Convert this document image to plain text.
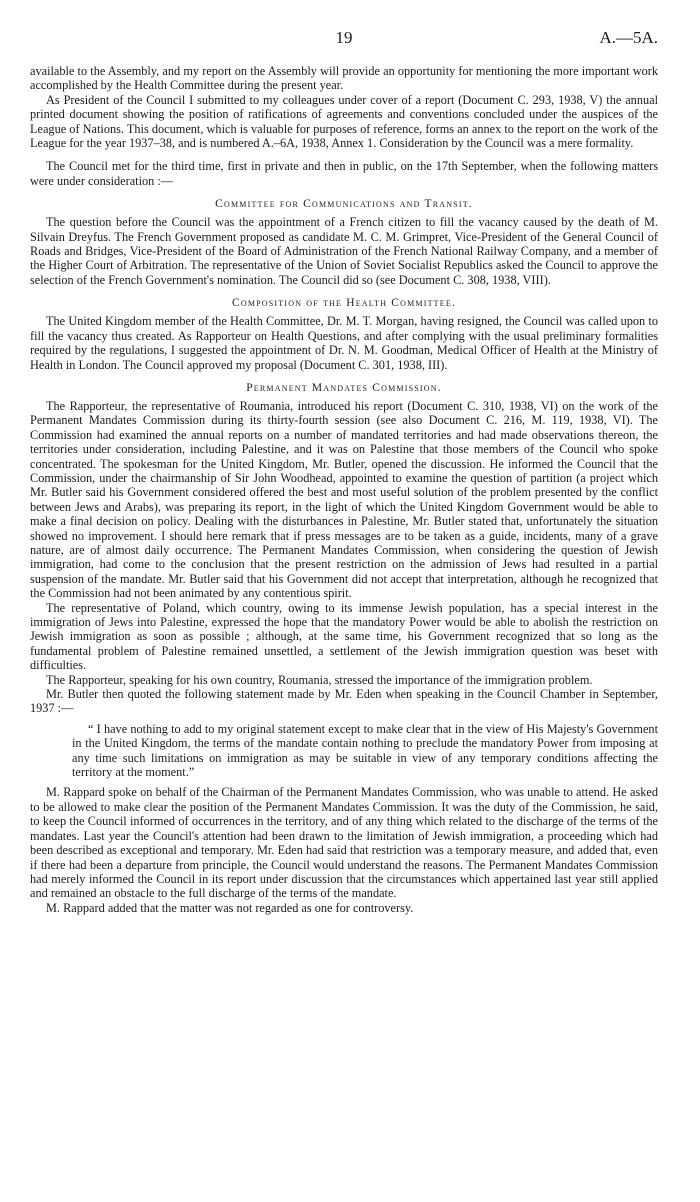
19	A.—5A.

available to the Assembly, and my report on the Assembly will provide an opportunity for mentioning the more important work accomplished by the Health Committee during the present year.

As President of the Council I submitted to my colleagues under cover of a report (Document C. 293, 1938, V) the annual printed document showing the position of ratifications of agreements and conventions concluded under the auspices of the League of Nations. This document, which is valuable for purposes of reference, forms an annex to the report on the work of the League for the year 1937–38, and is numbered A.–6A, 1938, Annex 1. Consideration by the Council was a mere formality.

The Council met for the third time, first in private and then in public, on the 17th September, when the following matters were under consideration :—

Committee for Communications and Transit.

The question before the Council was the appointment of a French citizen to fill the vacancy caused by the death of M. Silvain Dreyfus. The French Government proposed as candidate M. C. M. Grimpret, Vice-President of the General Council of Roads and Bridges, Vice-President of the Board of Administration of the French National Railway Company, and a member of the Higher Court of Arbitration. The representative of the Union of Soviet Socialist Republics asked the Council to approve the selection of the French Government's nomination. The Council did so (see Document C. 308, 1938, VIII).

Composition of the Health Committee.

The United Kingdom member of the Health Committee, Dr. M. T. Morgan, having resigned, the Council was called upon to fill the vacancy thus created. As Rapporteur on Health Questions, and after complying with the usual preliminary formalities required by the regulations, I suggested the appointment of Dr. N. M. Goodman, Medical Officer of Health at the Ministry of Health in London. The Council approved my proposal (Document C. 301, 1938, III).

Permanent Mandates Commission.

The Rapporteur, the representative of Roumania, introduced his report (Document C. 310, 1938, VI) on the work of the Permanent Mandates Commission during its thirty-fourth session (see also Document C. 216, M. 119, 1938, VI). The Commission had examined the annual reports on a number of mandated territories and had made observations thereon, the territories under consideration, including Palestine, and it was on Palestine that those members of the Council who spoke concentrated. The spokesman for the United Kingdom, Mr. Butler, opened the discussion. He informed the Council that the Commission, under the chairmanship of Sir John Woodhead, appointed to examine the question of partition (a project which Mr. Butler said his Government considered offered the best and most useful solution of the problem presented by the conflict between Jews and Arabs), was preparing its report, in the light of which the United Kingdom Government would be able to make a final decision on policy. Dealing with the disturbances in Palestine, Mr. Butler stated that, unfortunately the situation showed no improvement. I should here remark that if press messages are to be taken as a guide, incidents, many of a grave nature, are of almost daily occurrence. The Permanent Mandates Commission, when considering the question of Jewish immigration, had come to the conclusion that the present restriction on the admission of Jews had resulted in a partial suspension of the mandate. Mr. Butler said that his Government did not accept that interpretation, although he recognized that the Commission had not been animated by any contentious spirit.

The representative of Poland, which country, owing to its immense Jewish population, has a special interest in the immigration of Jews into Palestine, expressed the hope that the mandatory Power would be able to abolish the restriction on Jewish immigration as soon as possible ; although, at the same time, his Government recognized that so long as the fundamental problem of Palestine remained unsettled, a settlement of the Jewish immigration question was beset with difficulties.

The Rapporteur, speaking for his own country, Roumania, stressed the importance of the immigration problem.

Mr. Butler then quoted the following statement made by Mr. Eden when speaking in the Council Chamber in September, 1937 :—

“ I have nothing to add to my original statement except to make clear that in the view of His Majesty's Government in the United Kingdom, the terms of the mandate contain nothing to preclude the mandatory Power from imposing at any time such limitations on immigration as may be suitable in view of any temporary conditions affecting the territory at the moment.”

M. Rappard spoke on behalf of the Chairman of the Permanent Mandates Commission, who was unable to attend. He asked to be allowed to make clear the position of the Permanent Mandates Commission. It was the duty of the Commission, he said, to keep the Council informed of occurrences in the territory, and of any thing which related to the discharge of the terms of the mandates. Last year the Council's attention had been drawn to the limitation of Jewish immigration, a proceeding which had been described as exceptional and temporary. Mr. Eden had said that restriction was a temporary measure, and added that, even if there had been a departure from principle, the Council would understand the reasons. The Permanent Mandates Commission had merely informed the Council in its report under discussion that the circumstances which appertained last year still applied and remained an obstacle to the full discharge of the terms of the mandate.

M. Rappard added that the matter was not regarded as one for controversy.
